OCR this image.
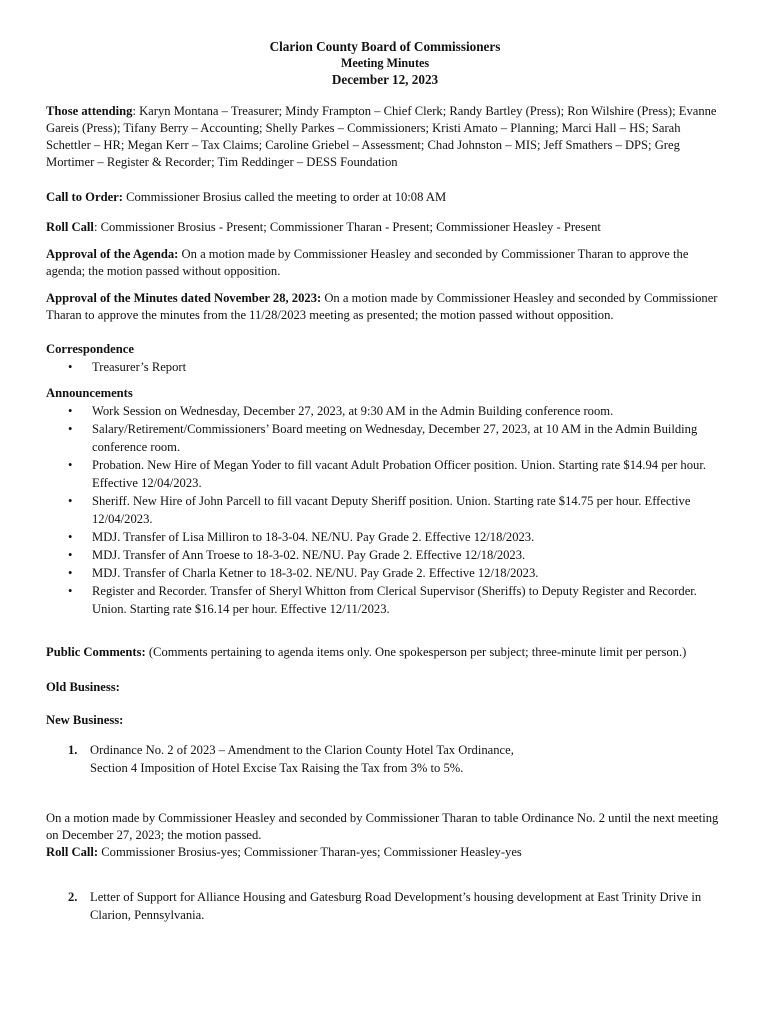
Clarion County Board of Commissioners
Meeting Minutes
December 12, 2023

Those attending: Karyn Montana – Treasurer; Mindy Frampton – Chief Clerk; Randy Bartley (Press); Ron Wilshire (Press); Evanne Gareis (Press); Tifany Berry – Accounting; Shelly Parkes – Commissioners; Kristi Amato – Planning; Marci Hall – HS; Sarah Schettler – HR; Megan Kerr – Tax Claims; Caroline Griebel – Assessment; Chad Johnston – MIS; Jeff Smathers – DPS; Greg Mortimer – Register & Recorder; Tim Reddinger – DESS Foundation

Call to Order: Commissioner Brosius called the meeting to order at 10:08 AM

Roll Call: Commissioner Brosius - Present; Commissioner Tharan - Present; Commissioner Heasley - Present

Approval of the Agenda: On a motion made by Commissioner Heasley and seconded by Commissioner Tharan to approve the agenda; the motion passed without opposition.

Approval of the Minutes dated November 28, 2023: On a motion made by Commissioner Heasley and seconded by Commissioner Tharan to approve the minutes from the 11/28/2023 meeting as presented; the motion passed without opposition.

Correspondence
• Treasurer’s Report
Announcements
• Work Session on Wednesday, December 27, 2023, at 9:30 AM in the Admin Building conference room.
• Salary/Retirement/Commissioners’ Board meeting on Wednesday, December 27, 2023, at 10 AM in the Admin Building conference room.
• Probation. New Hire of Megan Yoder to fill vacant Adult Probation Officer position. Union. Starting rate $14.94 per hour. Effective 12/04/2023.
• Sheriff. New Hire of John Parcell to fill vacant Deputy Sheriff position. Union. Starting rate $14.75 per hour. Effective 12/04/2023.
• MDJ. Transfer of Lisa Milliron to 18-3-04. NE/NU. Pay Grade 2. Effective 12/18/2023.
• MDJ. Transfer of Ann Troese to 18-3-02. NE/NU. Pay Grade 2. Effective 12/18/2023.
• MDJ. Transfer of Charla Ketner to 18-3-02. NE/NU. Pay Grade 2. Effective 12/18/2023.
• Register and Recorder. Transfer of Sheryl Whitton from Clerical Supervisor (Sheriffs) to Deputy Register and Recorder. Union. Starting rate $16.14 per hour. Effective 12/11/2023.

Public Comments: (Comments pertaining to agenda items only. One spokesperson per subject; three-minute limit per person.)

Old Business:

New Business:

1. Ordinance No. 2 of 2023 – Amendment to the Clarion County Hotel Tax Ordinance,
Section 4 Imposition of Hotel Excise Tax Raising the Tax from 3% to 5%.

On a motion made by Commissioner Heasley and seconded by Commissioner Tharan to table Ordinance No. 2 until the next meeting on December 27, 2023; the motion passed.

Roll Call: Commissioner Brosius-yes; Commissioner Tharan-yes; Commissioner Heasley-yes

2. Letter of Support for Alliance Housing and Gatesburg Road Development’s housing development at East Trinity Drive in Clarion, Pennsylvania.
